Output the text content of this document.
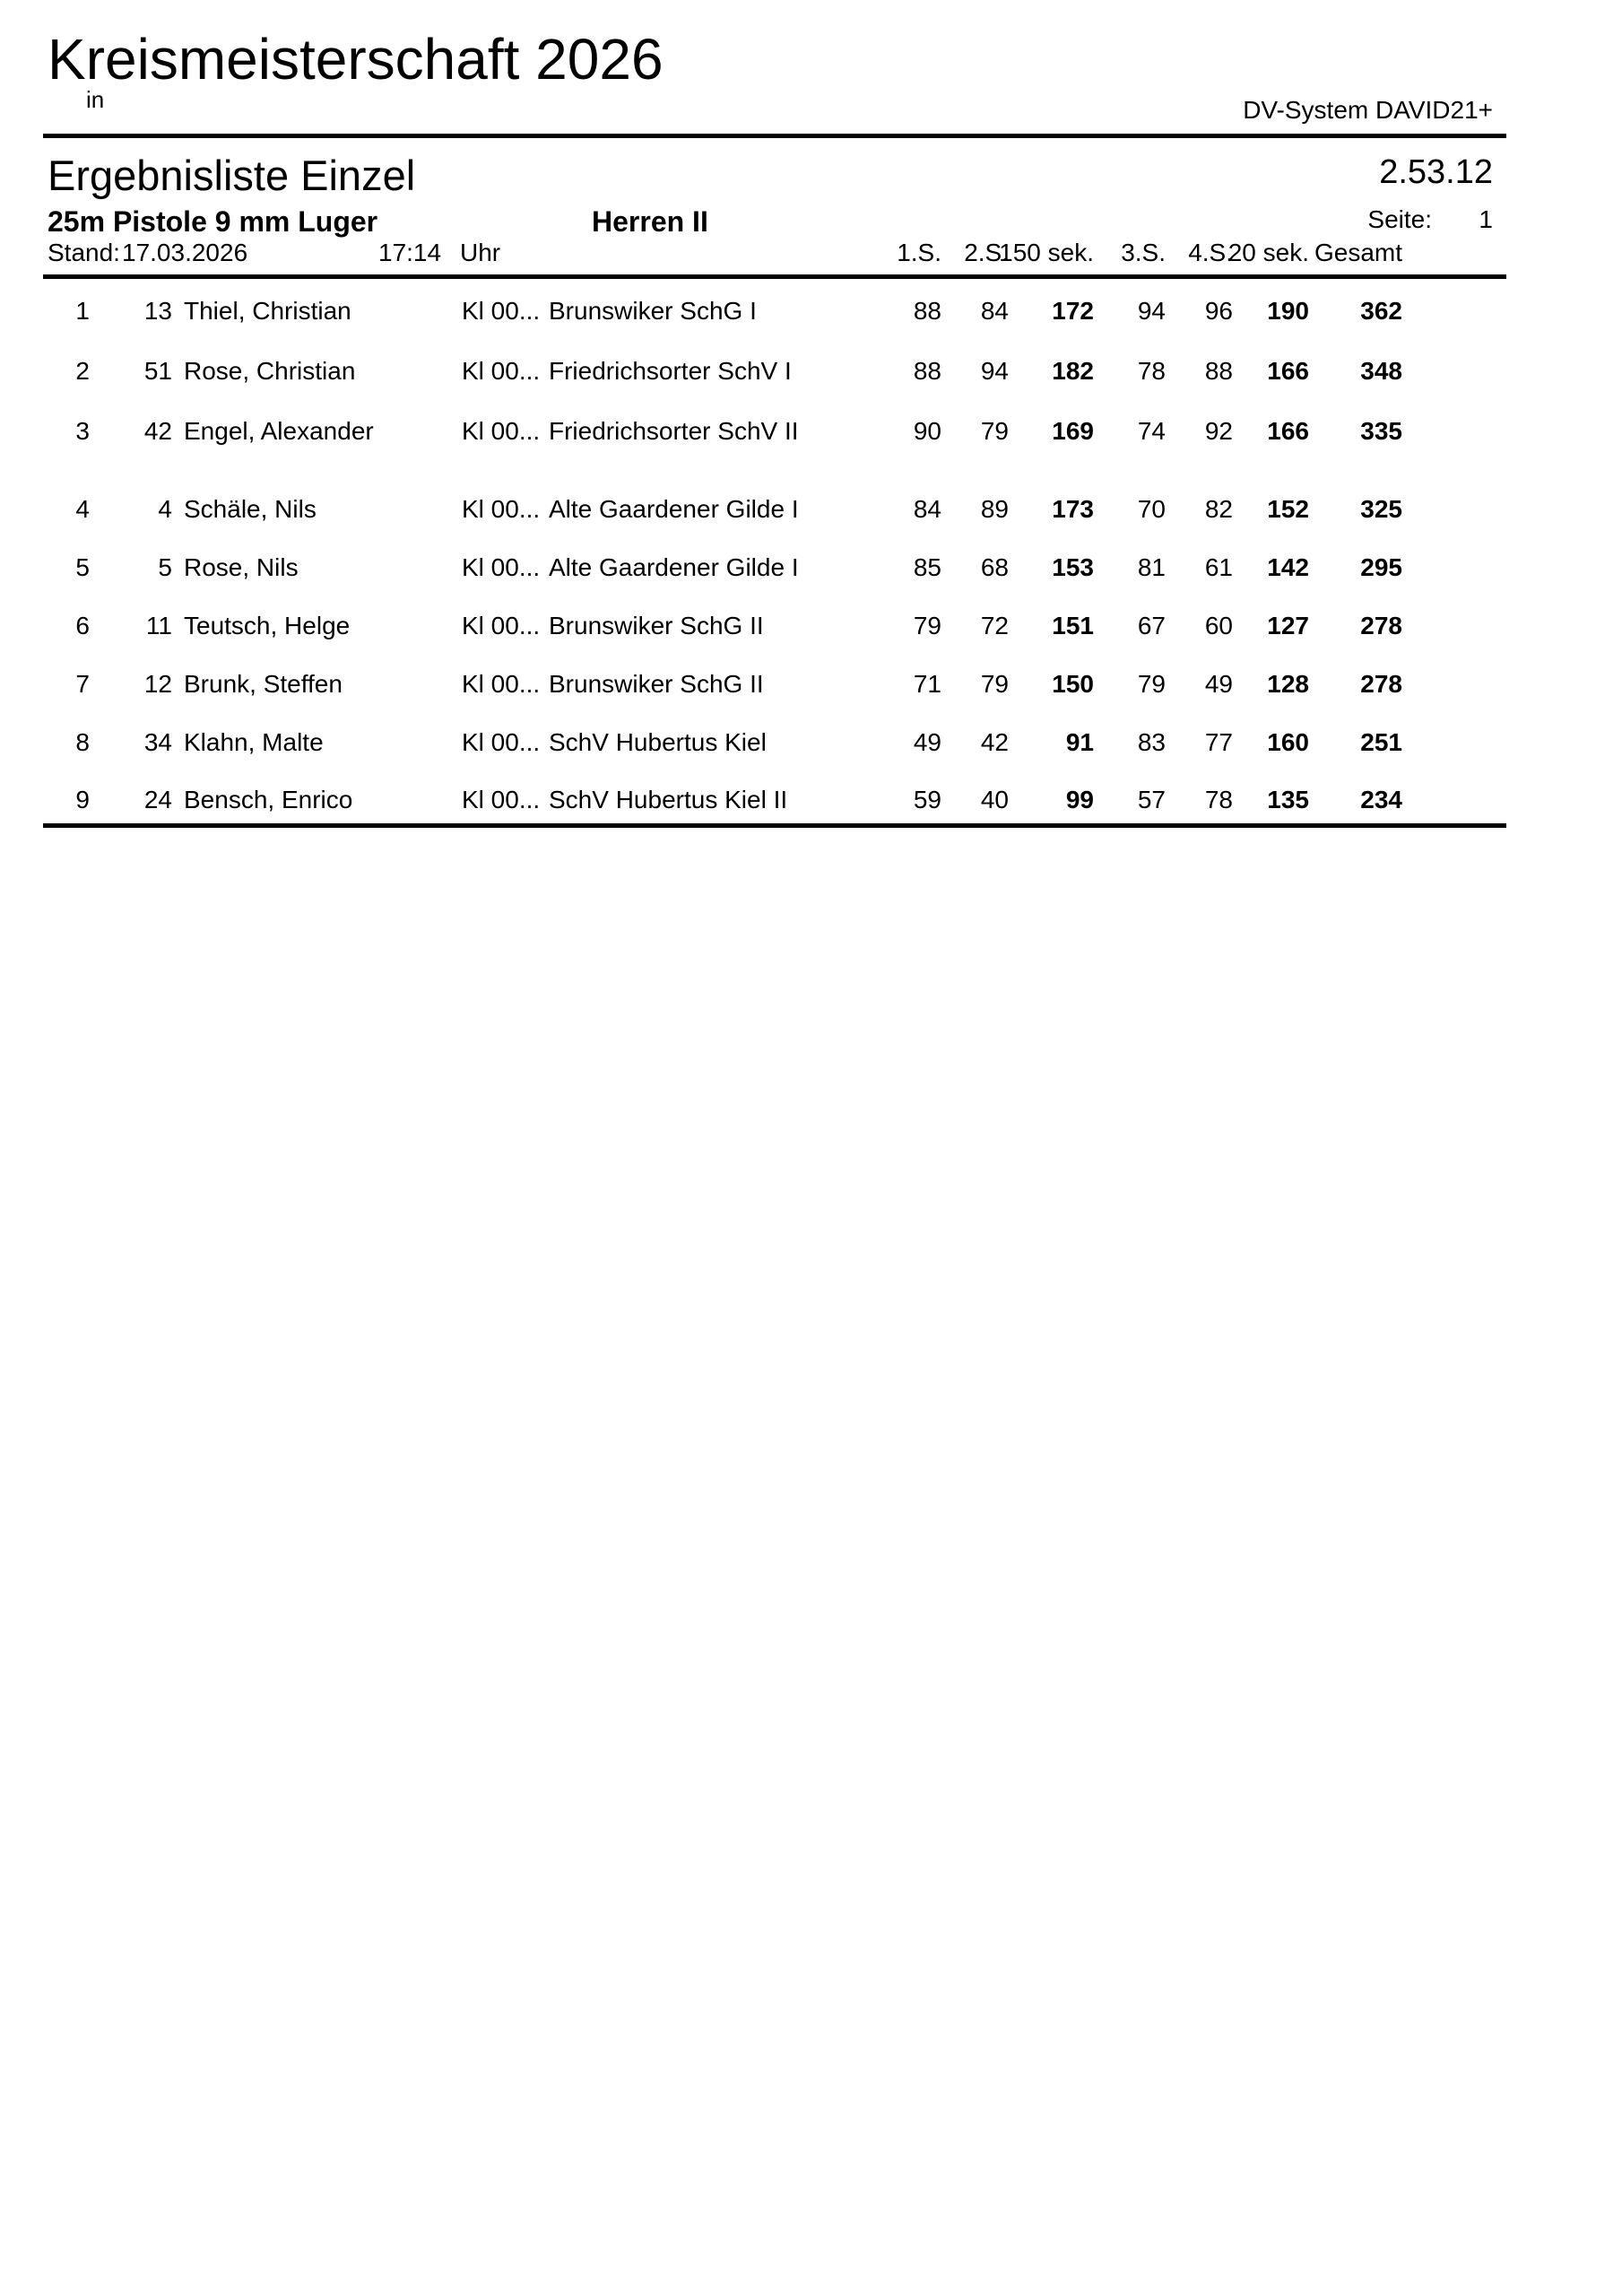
Kreismeisterschaft 2026
in	DV-System DAVID21+
Ergebnisliste Einzel	2.53.12
25m Pistole 9 mm Luger	Herren II	Seite:	1
Stand: 17.03.2026	17:14 Uhr	1.S. 2.S.
150 sek.	3.S. 4.S.
20 sek. Gesamt
1	13 Thiel, Christian	Kl 00... Brunswiker SchG I	88	84	172	94	96	190	362
2	51 Rose, Christian	Kl 00... Friedrichsorter SchV I	88	94	182	78	88	166	348
3	42 Engel, Alexander	Kl 00... Friedrichsorter SchV II	90	79	169	74	92	166	335
4	4 Schäle, Nils	Kl 00... Alte Gaardener Gilde I	84	89	173	70	82	152	325
5	5 Rose, Nils	Kl 00... Alte Gaardener Gilde I	85	68	153	81	61	142	295
6	11 Teutsch, Helge	Kl 00... Brunswiker SchG II	79	72	151	67	60	127	278
7	12 Brunk, Steffen	Kl 00... Brunswiker SchG II	71	79	150	79	49	128	278
8	34 Klahn, Malte	Kl 00... SchV Hubertus Kiel	49	42	91	83	77	160	251
9	24 Bensch, Enrico	Kl 00... SchV Hubertus Kiel II	59	40	99	57	78	135	234
